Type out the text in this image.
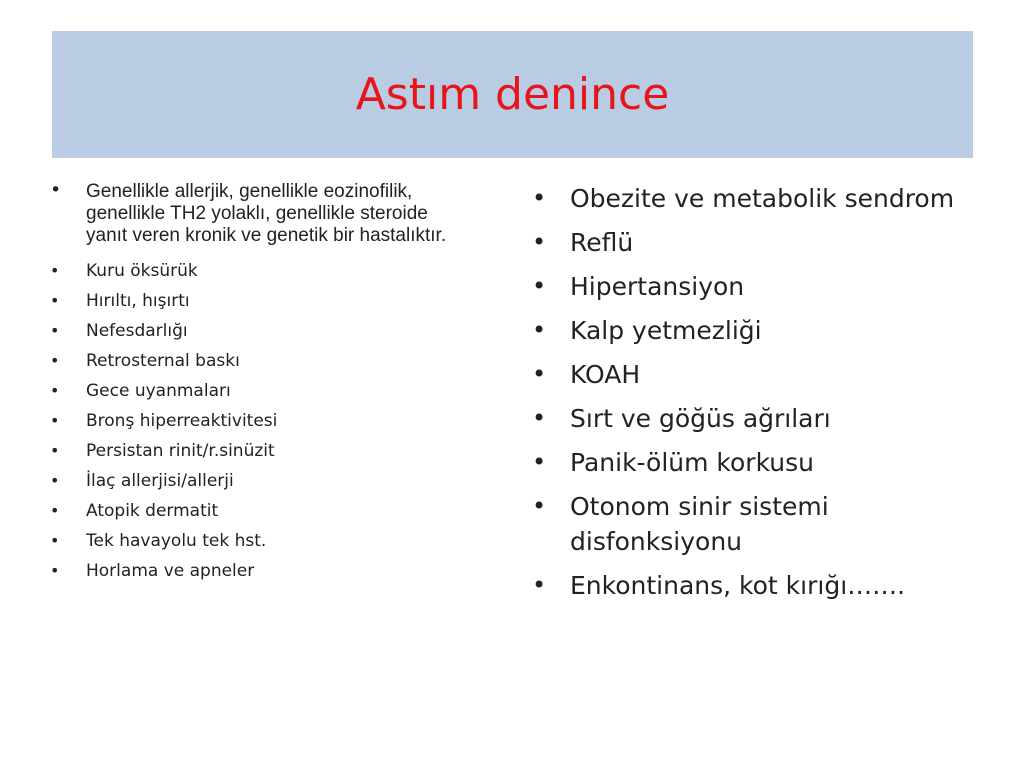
Astım denince
•	Genellikle allerjik, genellikle eozinofilik, genellikle TH2 yolaklı, genellikle steroide yanıt veren kronik ve genetik bir hastalıktır.
•	Kuru öksürük
•	Hırıltı, hışırtı
•	Nefesdarlığı
•	Retrosternal baskı
•	Gece uyanmaları
•	Bronş hiperreaktivitesi
•	Persistan rinit/r.sinüzit
•	İlaç allerjisi/allerji
•	Atopik dermatit
•	Tek havayolu tek hst.
•	Horlama ve apneler
• Obezite ve metabolik sendrom
• Reflü
• Hipertansiyon
• Kalp yetmezliği
• KOAH
• Sırt ve göğüs ağrıları
• Panik-ölüm korkusu
• Otonom sinir sistemi disfonksiyonu
• Enkontinans, kot kırığı…….
